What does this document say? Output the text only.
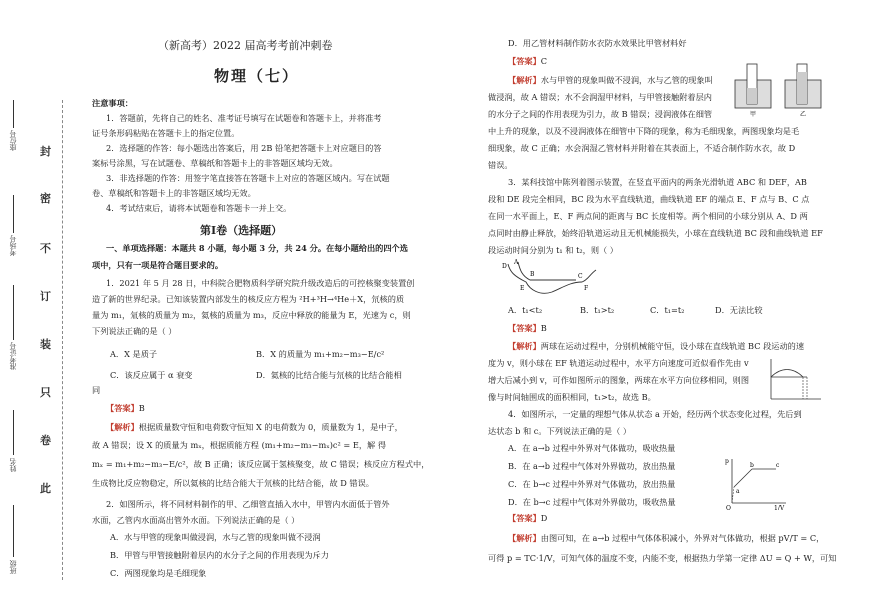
封
密
不
订
装
只
卷
此
座位号
考场号
准考证号
姓名
班级
（新高考）2022 届高考考前冲刺卷
物理（七）
注意事项：
1．答题前，先将自己的姓名、准考证号填写在试题卷和答题卡上，并将准考
证号条形码粘贴在答题卡上的指定位置。
2．选择题的作答：每小题选出答案后，用 2B 铅笔把答题卡上对应题目的答
案标号涂黑，写在试题卷、草稿纸和答题卡上的非答题区域均无效。
3．非选择题的作答：用签字笔直接答在答题卡上对应的答题区域内。写在试题
卷、草稿纸和答题卡上的非答题区域均无效。
4．考试结束后，请将本试题卷和答题卡一并上交。
第Ⅰ卷（选择题）
一、单项选择题：本题共 8 小题，每小题 3 分，共 24 分。在每小题给出的四个选
项中，只有一项是符合题目要求的。
1．2021 年 5 月 28 日，中科院合肥物质科学研究院升级改造后的可控核聚变装置创
造了新的世界纪录。已知该装置内部发生的核反应方程为 ²H+³H→⁴He＋X，氘核的质
量为 m₁，氚核的质量为 m₂，氦核的质量为 m₃，反应中释放的能量为 E，光速为 c，则
下列说法正确的是（ ）
A．X 是质子	B．X 的质量为 m₁+m₂−m₃−E/c²
C．该反应属于 α 衰变	D．氦核的比结合能与氘核的比结合能相
同
【答案】B
【解析】根据质量数守恒和电荷数守恒知 X 的电荷数为 0，质量数为 1，是中子，
故 A 错误；设 X 的质量为 mₓ，根据质能方程 (m₁+m₂−m₃−mₓ)c² = E，解 得
mₓ = m₁+m₂−m₃−E/c²，故 B 正确；该反应属于氢核聚变，故 C 错误；核反应方程式中，
生成物比反应物稳定，所以氦核的比结合能大于氘核的比结合能，故 D 错误。
2．如图所示，将不同材料制作的甲、乙细管直插入水中，甲管内水面低于管外
水面，乙管内水面高出管外水面。下列说法正确的是（ ）
A．水与甲管的现象叫做浸润，水与乙管的现象叫做不浸润
B．甲管与甲管接触附着层内的水分子之间的作用表现为斥力
C．两图现象均是毛细现象
D．用乙管材料制作防水衣防水效果比甲管材料好
【答案】C
【解析】水与甲管的现象叫做不浸润，水与乙管的现象叫
做浸润，故 A 错误；水不会润湿甲材料，与甲管接触附着层内
的水分子之间的作用表现为引力，故 B 错误；浸润液体在细管
中上升的现象，以及不浸润液体在细管中下降的现象，称为毛细现象，两图现象均是毛
细现象，故 C 正确；水会润湿乙管材料并附着在其表面上，不适合制作防水衣，故 D
错误。
甲	乙
3．某科技馆中陈列着图示装置，在竖直平面内的两条光滑轨道 ABC 和 DEF，AB
段和 DE 段完全相同，BC 段为水平直线轨道，曲线轨道 EF 的端点 E、F 点与 B、C 点
在同一水平面上，E、F 两点间的距离与 BC 长度相等。两个相同的小球分别从 A、D 两
点同时由静止释放，始终沿轨道运动且无机械能损失，小球在直线轨道 BC 段和曲线轨道 EF
段运动时间分别为 t₁ 和 t₂，则（ ）
A
D
B	C
E	F
A．t₁<t₂	B．t₁>t₂	C．t₁=t₂	D．无法比较
【答案】B
【解析】两球在运动过程中，分别机械能守恒，设小球在直线轨道 BC 段运动的速
度为 v，则小球在 EF 轨道运动过程中，水平方向速度可近似看作先由 v
增大后减小到 v，可作如图所示的图象，两球在水平方向位移相同，则图
像与时间轴围成的面积相同，t₁>t₂，故选 B。
4．如图所示，一定量的理想气体从状态 a 开始，经历两个状态变化过程，先后到
达状态 b 和 c。下列说法正确的是（ ）
A．在 a→b 过程中外界对气体做功，吸收热量
B．在 a→b 过程中气体对外界做功，放出热量
C．在 b→c 过程中外界对气体做功，放出热量
D．在 b→c 过程中气体对外界做功，吸收热量
p
a
b	c
1/V
O
【答案】D
【解析】由图可知，在 a→b 过程中气体体积减小，外界对气体做功，根据 pV/T = C，
可得 p = TC·1/V，可知气体的温度不变，内能不变，根据热力学第一定律 ΔU = Q + W，可知
